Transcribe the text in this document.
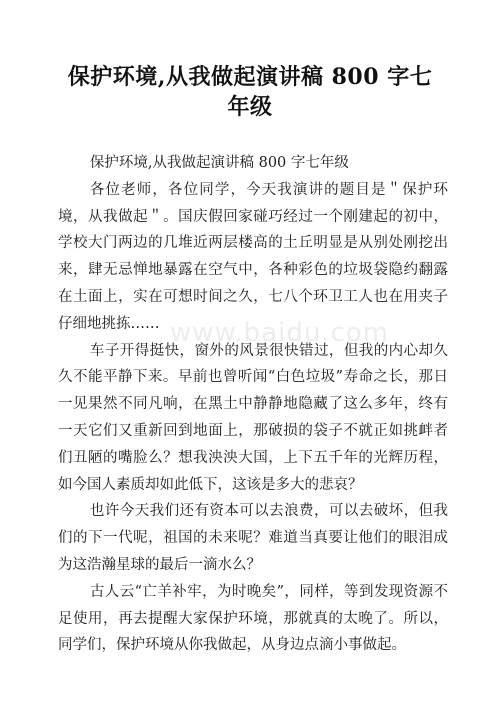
保护环境,从我做起演讲稿 800 字七年级

保护环境,从我做起演讲稿 800 字七年级

各位老师，各位同学，今天我演讲的题目是＂保护环境，从我做起＂。国庆假回家碰巧经过一个刚建起的初中，学校大门两边的几堆近两层楼高的土丘明显是从别处刚挖出来，肆无忌惮地暴露在空气中，各种彩色的垃圾袋隐约翻露在土面上，实在可想时间之久，七八个环卫工人也在用夹子仔细地挑拣……

车子开得挺快，窗外的风景很快错过，但我的内心却久久不能平静下来。早前也曾听闻“白色垃圾”寿命之长，那日一见果然不同凡响，在黑土中静静地隐藏了这么多年，终有一天它们又重新回到地面上，那破损的袋子不就正如挑衅者们丑陋的嘴脸么？想我泱泱大国，上下五千年的光辉历程，如今国人素质却如此低下，这该是多大的悲哀？

也许今天我们还有资本可以去浪费，可以去破坏，但我们的下一代呢，祖国的未来呢？难道当真要让他们的眼泪成为这浩瀚星球的最后一滴水么？

古人云“亡羊补牢，为时晚矣”，同样，等到发现资源不足使用，再去提醒大家保护环境，那就真的太晚了。所以，同学们，保护环境从你我做起，从身边点滴小事做起。

www.baidu.com
